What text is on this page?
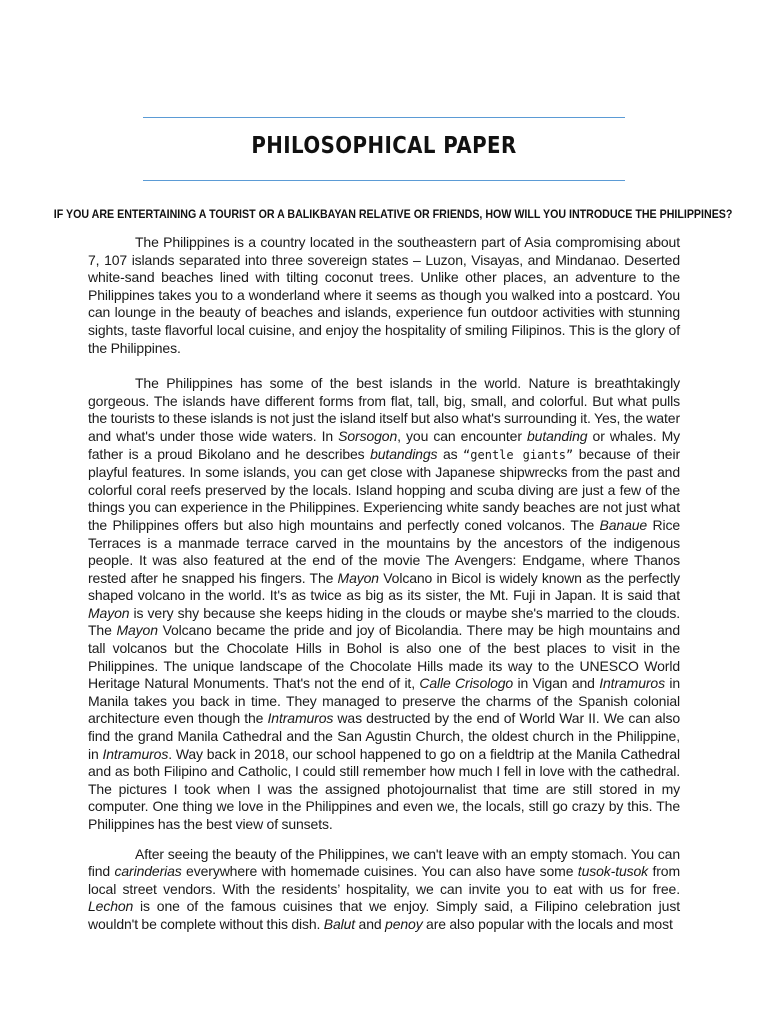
PHILOSOPHICAL PAPER
IF YOU ARE ENTERTAINING A TOURIST OR A BALIKBAYAN RELATIVE OR FRIENDS, HOW WILL YOU INTRODUCE THE PHILIPPINES?

The Philippines is a country located in the southeastern part of Asia compromising about 7, 107 islands separated into three sovereign states – Luzon, Visayas, and Mindanao. Deserted white-sand beaches lined with tilting coconut trees. Unlike other places, an adventure to the Philippines takes you to a wonderland where it seems as though you walked into a postcard. You can lounge in the beauty of beaches and islands, experience fun outdoor activities with stunning sights, taste flavorful local cuisine, and enjoy the hospitality of smiling Filipinos. This is the glory of the Philippines.

The Philippines has some of the best islands in the world. Nature is breathtakingly gorgeous. The islands have different forms from flat, tall, big, small, and colorful. But what pulls the tourists to these islands is not just the island itself but also what's surrounding it. Yes, the water and what's under those wide waters. In Sorsogon, you can encounter butanding or whales. My father is a proud Bikolano and he describes butandings as “gentle giants” because of their playful features. In some islands, you can get close with Japanese shipwrecks from the past and colorful coral reefs preserved by the locals. Island hopping and scuba diving are just a few of the things you can experience in the Philippines. Experiencing white sandy beaches are not just what the Philippines offers but also high mountains and perfectly coned volcanos. The Banaue Rice Terraces is a manmade terrace carved in the mountains by the ancestors of the indigenous people. It was also featured at the end of the movie The Avengers: Endgame, where Thanos rested after he snapped his fingers. The Mayon Volcano in Bicol is widely known as the perfectly shaped volcano in the world. It's as twice as big as its sister, the Mt. Fuji in Japan. It is said that Mayon is very shy because she keeps hiding in the clouds or maybe she's married to the clouds. The Mayon Volcano became the pride and joy of Bicolandia. There may be high mountains and tall volcanos but the Chocolate Hills in Bohol is also one of the best places to visit in the Philippines. The unique landscape of the Chocolate Hills made its way to the UNESCO World Heritage Natural Monuments. That's not the end of it, Calle Crisologo in Vigan and Intramuros in Manila takes you back in time. They managed to preserve the charms of the Spanish colonial architecture even though the Intramuros was destructed by the end of World War II. We can also find the grand Manila Cathedral and the San Agustin Church, the oldest church in the Philippine, in Intramuros. Way back in 2018, our school happened to go on a fieldtrip at the Manila Cathedral and as both Filipino and Catholic, I could still remember how much I fell in love with the cathedral. The pictures I took when I was the assigned photojournalist that time are still stored in my computer. One thing we love in the Philippines and even we, the locals, still go crazy by this. The Philippines has the best view of sunsets.

After seeing the beauty of the Philippines, we can't leave with an empty stomach. You can find carinderias everywhere with homemade cuisines. You can also have some tusok-tusok from local street vendors. With the residents’ hospitality, we can invite you to eat with us for free. Lechon is one of the famous cuisines that we enjoy. Simply said, a Filipino celebration just wouldn't be complete without this dish. Balut and penoy are also popular with the locals and most
